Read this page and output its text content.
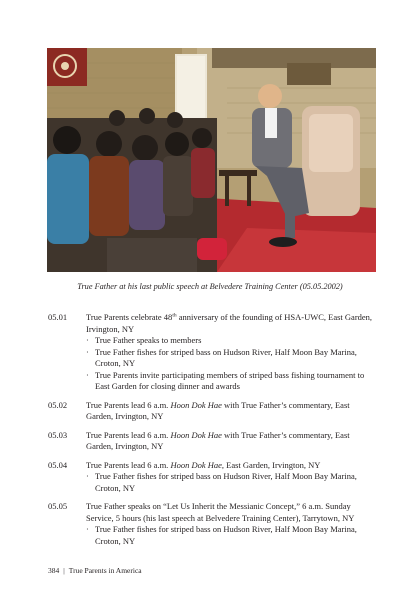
True Father at his last public speech at Belvedere Training Center (05.05.2002)
05.01	True Parents celebrate 48th anniversary of the founding of HSA-UWC, East Garden, Irvington, NY
· True Father speaks to members
· True Father fishes for striped bass on Hudson River, Half Moon Bay Marina, Croton, NY
· True Parents invite participating members of striped bass fishing tournament to East Garden for closing dinner and awards
05.02	True Parents lead 6 a.m. Hoon Dok Hae with True Father’s commentary, East Garden, Irvington, NY
05.03	True Parents lead 6 a.m. Hoon Dok Hae with True Father’s commentary, East Garden, Irvington, NY
05.04	True Parents lead 6 a.m. Hoon Dok Hae, East Garden, Irvington, NY
· True Father fishes for striped bass on Hudson River, Half Moon Bay Marina, Croton, NY
05.05	True Father speaks on “Let Us Inherit the Messianic Concept,” 6 a.m. Sunday Service, 5 hours (his last speech at Belvedere Training Center), Tarrytown, NY
· True Father fishes for striped bass on Hudson River, Half Moon Bay Marina, Croton, NY
384 | True Parents in America
